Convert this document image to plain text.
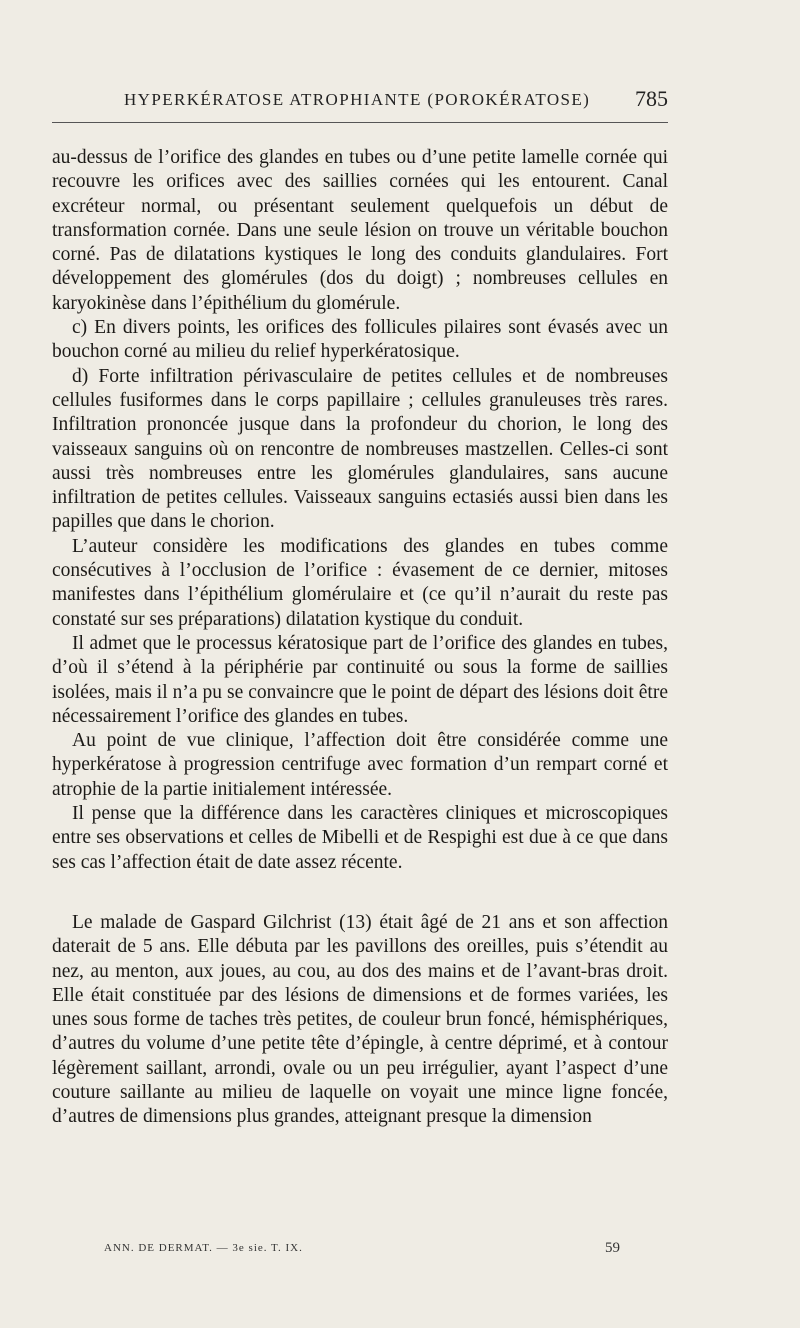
HYPERKÉRATOSE ATROPHIANTE (POROKÉRATOSE) 785

au-dessus de l’orifice des glandes en tubes ou d’une petite lamelle cornée qui recouvre les orifices avec des saillies cornées qui les entourent. Canal excréteur normal, ou présentant seulement quelquefois un début de transformation cornée. Dans une seule lésion on trouve un véritable bouchon corné. Pas de dilatations kystiques le long des conduits glandulaires. Fort développement des glomérules (dos du doigt) ; nombreuses cellules en karyokinèse dans l’épithélium du glomérule.

c) En divers points, les orifices des follicules pilaires sont évasés avec un bouchon corné au milieu du relief hyperkératosique.

d) Forte infiltration périvasculaire de petites cellules et de nombreuses cellules fusiformes dans le corps papillaire ; cellules granuleuses très rares. Infiltration prononcée jusque dans la profondeur du chorion, le long des vaisseaux sanguins où on rencontre de nombreuses mastzellen. Celles-ci sont aussi très nombreuses entre les glomérules glandulaires, sans aucune infiltration de petites cellules. Vaisseaux sanguins ectasiés aussi bien dans les papilles que dans le chorion.

L’auteur considère les modifications des glandes en tubes comme consécutives à l’occlusion de l’orifice : évasement de ce dernier, mitoses manifestes dans l’épithélium glomérulaire et (ce qu’il n’aurait du reste pas constaté sur ses préparations) dilatation kystique du conduit.

Il admet que le processus kératosique part de l’orifice des glandes en tubes, d’où il s’étend à la périphérie par continuité ou sous la forme de saillies isolées, mais il n’a pu se convaincre que le point de départ des lésions doit être nécessairement l’orifice des glandes en tubes.

Au point de vue clinique, l’affection doit être considérée comme une hyperkératose à progression centrifuge avec formation d’un rempart corné et atrophie de la partie initialement intéressée.

Il pense que la différence dans les caractères cliniques et microscopiques entre ses observations et celles de Mibelli et de Respighi est due à ce que dans ses cas l’affection était de date assez récente.

Le malade de Gaspard Gilchrist (13) était âgé de 21 ans et son affection daterait de 5 ans. Elle débuta par les pavillons des oreilles, puis s’étendit au nez, au menton, aux joues, au cou, au dos des mains et de l’avant-bras droit. Elle était constituée par des lésions de dimensions et de formes variées, les unes sous forme de taches très petites, de couleur brun foncé, hémisphériques, d’autres du volume d’une petite tête d’épingle, à centre déprimé, et à contour légèrement saillant, arrondi, ovale ou un peu irrégulier, ayant l’aspect d’une couture saillante au milieu de laquelle on voyait une mince ligne foncée, d’autres de dimensions plus grandes, atteignant presque la dimension

ANN. DE DERMAT. — 3e sie. T. IX.	59
